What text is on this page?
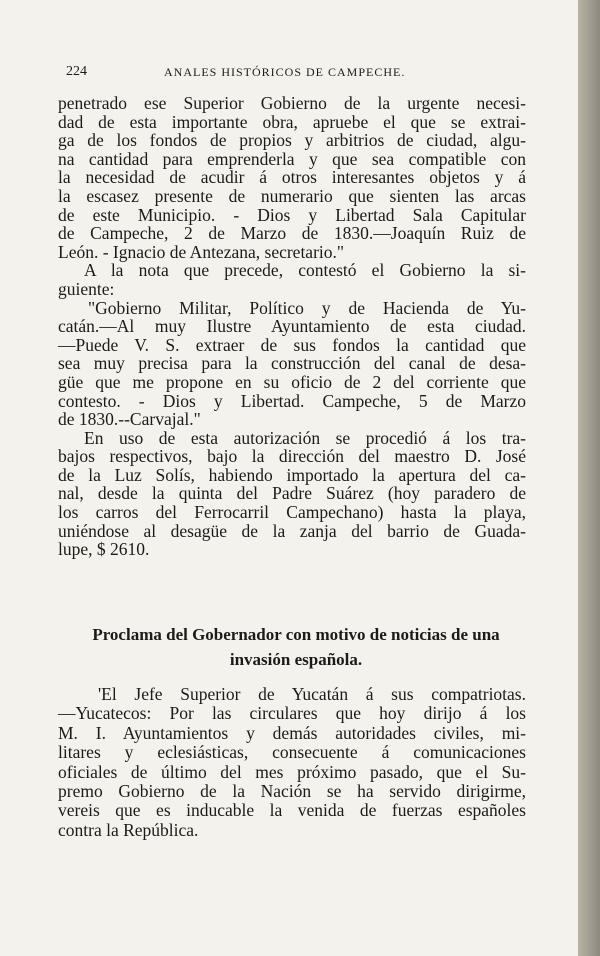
224	ANALES HISTÓRICOS DE CAMPECHE.

penetrado ese Superior Gobierno de la urgente necesi-
dad de esta importante obra, apruebe el que se extrai-
ga de los fondos de propios y arbitrios de ciudad, algu-
na cantidad para emprenderla y que sea compatible con
la necesidad de acudir á otros interesantes objetos y á
la escasez presente de numerario que sienten las arcas
de este Municipio. - Dios y Libertad Sala Capitular
de Campeche, 2 de Marzo de 1830.—Joaquín Ruiz de
León. - Ignacio de Antezana, secretario."

A la nota que precede, contestó el Gobierno la si-
guiente:

"Gobierno Militar, Político y de Hacienda de Yu-
catán.—Al muy Ilustre Ayuntamiento de esta ciudad.
—Puede V. S. extraer de sus fondos la cantidad que
sea muy precisa para la construcción del canal de desa-
güe que me propone en su oficio de 2 del corriente que
contesto. - Dios y Libertad. Campeche, 5 de Marzo
de 1830.--Carvajal."

En uso de esta autorización se procedió á los tra-
bajos respectivos, bajo la dirección del maestro D. José
de la Luz Solís, habiendo importado la apertura del ca-
nal, desde la quinta del Padre Suárez (hoy paradero de
los carros del Ferrocarril Campechano) hasta la playa,
uniéndose al desagüe de la zanja del barrio de Guada-
lupe, $ 2610.

Proclama del Gobernador con motivo de noticias de una
invasión española.
'El Jefe Superior de Yucatán á sus compatriotas.
—Yucatecos: Por las circulares que hoy dirijo á los
M. I. Ayuntamientos y demás autoridades civiles, mi-
litares y eclesiásticas, consecuente á comunicaciones
oficiales de último del mes próximo pasado, que el Su-
premo Gobierno de la Nación se ha servido dirigirme,
vereis que es inducable la venida de fuerzas españoles
contra la República.
